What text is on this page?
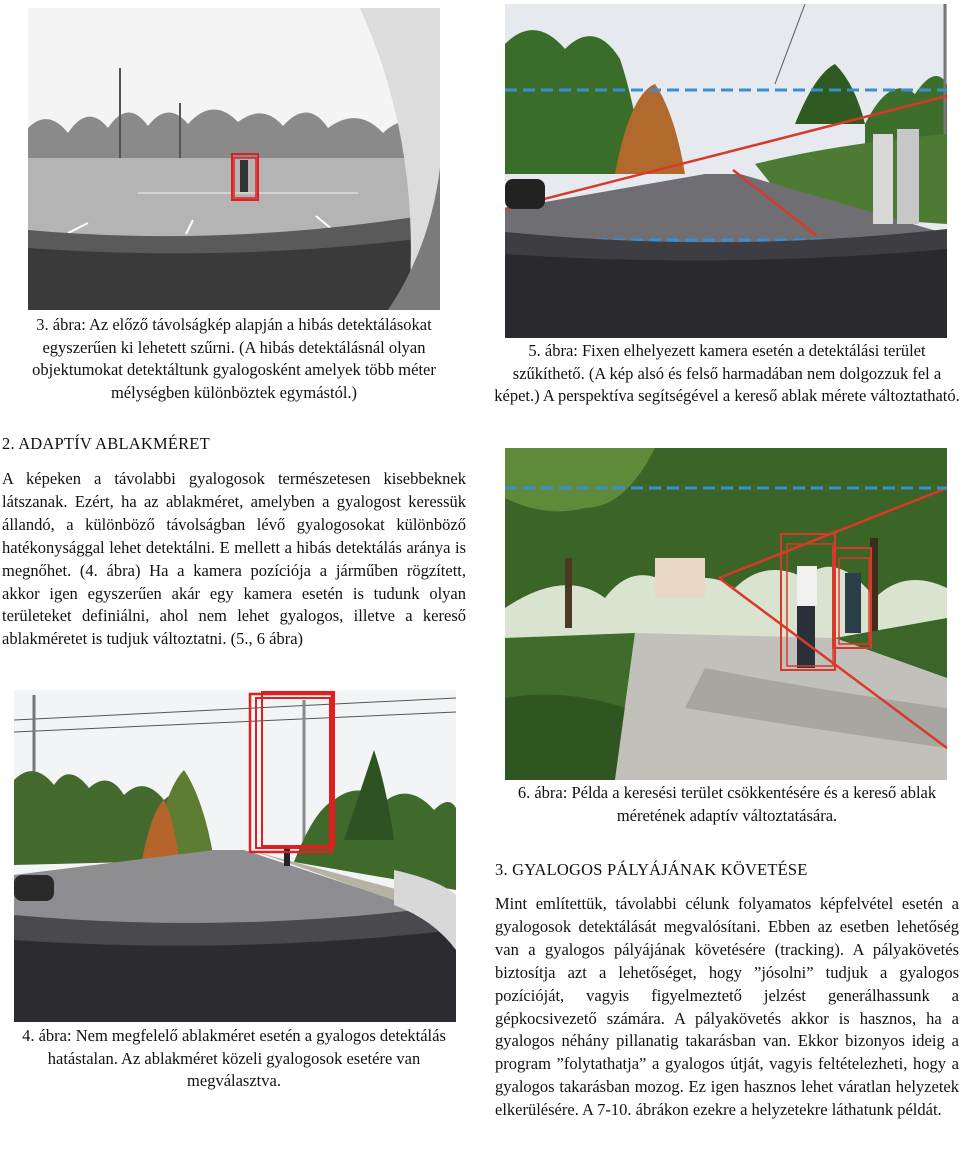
3. ábra: Az előző távolságkép alapján a hibás detektálásokat egyszerűen ki lehetett szűrni. (A hibás detektálásnál olyan objektumokat detektáltunk gyalogosként amelyek több méter mélységben különböztek egymástól.)
2. ADAPTÍV ABLAKMÉRET
A képeken a távolabbi gyalogosok természetesen kisebbeknek látszanak. Ezért, ha az ablakméret, amelyben a gyalogost keressük állandó, a különböző távolságban lévő gyalogosokat különböző hatékonysággal lehet detektálni. E mellett a hibás detektálás aránya is megnőhet. (4. ábra) Ha a kamera pozíciója a járműben rögzített, akkor igen egyszerűen akár egy kamera esetén is tudunk olyan területeket definiálni, ahol nem lehet gyalogos, illetve a kereső ablakméretet is tudjuk változtatni. (5., 6 ábra)
4. ábra: Nem megfelelő ablakméret esetén a gyalogos detektálás hatástalan. Az ablakméret közeli gyalogosok esetére van megválasztva.
5. ábra: Fixen elhelyezett kamera esetén a detektálási terület szűkíthető. (A kép alsó és felső harmadában nem dolgozzuk fel a képet.) A perspektíva segítségével a kereső ablak mérete változtatható.
6. ábra: Példa a keresési terület csökkentésére és a kereső ablak méretének adaptív változtatására.
3. GYALOGOS PÁLYÁJÁNAK KÖVETÉSE
Mint említettük, távolabbi célunk folyamatos képfelvétel esetén a gyalogosok detektálását megvalósítani. Ebben az esetben lehetőség van a gyalogos pályájának követésére (tracking). A pályakövetés biztosítja azt a lehetőséget, hogy ”jósolni” tudjuk a gyalogos pozícióját, vagyis figyelmeztető jelzést generálhassunk a gépkocsivezető számára. A pályakövetés akkor is hasznos, ha a gyalogos néhány pillanatig takarásban van. Ekkor bizonyos ideig a program ”folytathatja” a gyalogos útját, vagyis feltételezheti, hogy a gyalogos takarásban mozog. Ez igen hasznos lehet váratlan helyzetek elkerülésére. A 7-10. ábrákon ezekre a helyzetekre láthatunk példát.
